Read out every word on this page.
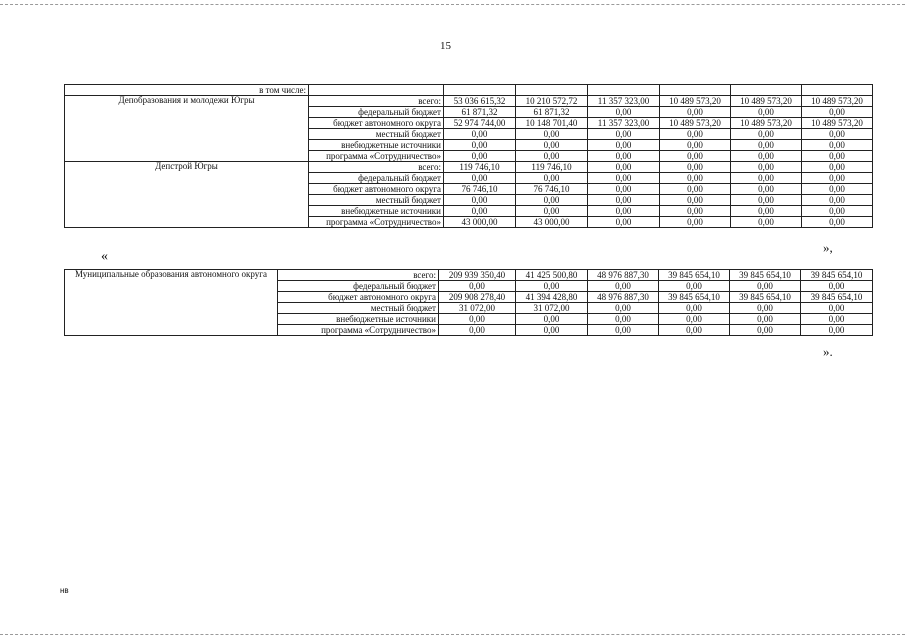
15
в том числе:							
Депобразования и молодежи Югры	всего:	53 036 615,32	10 210 572,72	11 357 323,00	10 489 573,20	10 489 573,20	10 489 573,20
	федеральный бюджет	61 871,32	61 871,32	0,00	0,00	0,00	0,00
	бюджет автономного округа	52 974 744,00	10 148 701,40	11 357 323,00	10 489 573,20	10 489 573,20	10 489 573,20
	местный бюджет	0,00	0,00	0,00	0,00	0,00	0,00
	внебюджетные источники	0,00	0,00	0,00	0,00	0,00	0,00
	программа «Сотрудничество»	0,00	0,00	0,00	0,00	0,00	0,00
Депстрой Югры	всего:	119 746,10	119 746,10	0,00	0,00	0,00	0,00
	федеральный бюджет	0,00	0,00	0,00	0,00	0,00	0,00
	бюджет автономного округа	76 746,10	76 746,10	0,00	0,00	0,00	0,00
	местный бюджет	0,00	0,00	0,00	0,00	0,00	0,00
	внебюджетные источники	0,00	0,00	0,00	0,00	0,00	0,00
	программа «Сотрудничество»	43 000,00	43 000,00	0,00	0,00	0,00	0,00
«
»,
Муниципальные образования автономного округа	всего:	209 939 350,40	41 425 500,80	48 976 887,30	39 845 654,10	39 845 654,10	39 845 654,10
	федеральный бюджет	0,00	0,00	0,00	0,00	0,00	0,00
	бюджет автономного округа	209 908 278,40	41 394 428,80	48 976 887,30	39 845 654,10	39 845 654,10	39 845 654,10
	местный бюджет	31 072,00	31 072,00	0,00	0,00	0,00	0,00
	внебюджетные источники	0,00	0,00	0,00	0,00	0,00	0,00
	программа «Сотрудничество»	0,00	0,00	0,00	0,00	0,00	0,00
».
нв
